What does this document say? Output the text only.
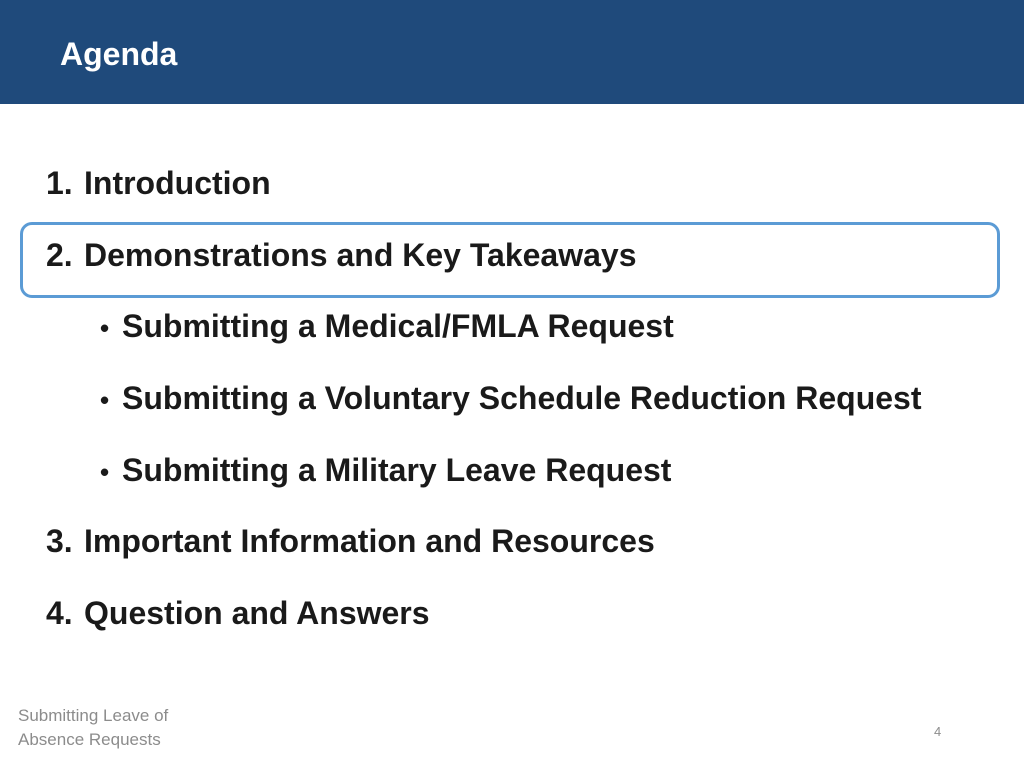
Agenda
1. Introduction
2. Demonstrations and Key Takeaways
• Submitting a Medical/FMLA Request
• Submitting a Voluntary Schedule Reduction Request
• Submitting a Military Leave Request
3. Important Information and Resources
4. Question and Answers
Submitting Leave of Absence Requests	4
